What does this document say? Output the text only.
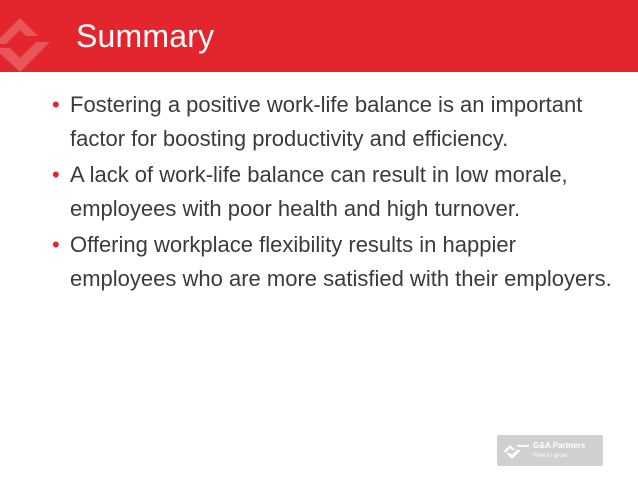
Summary
• Fostering a positive work-life balance is an important factor for boosting productivity and efficiency.
• A lack of work-life balance can result in low morale, employees with poor health and high turnover.
• Offering workplace flexibility results in happier employees who are more satisfied with their employers.
G&A Partners
Free to grow
